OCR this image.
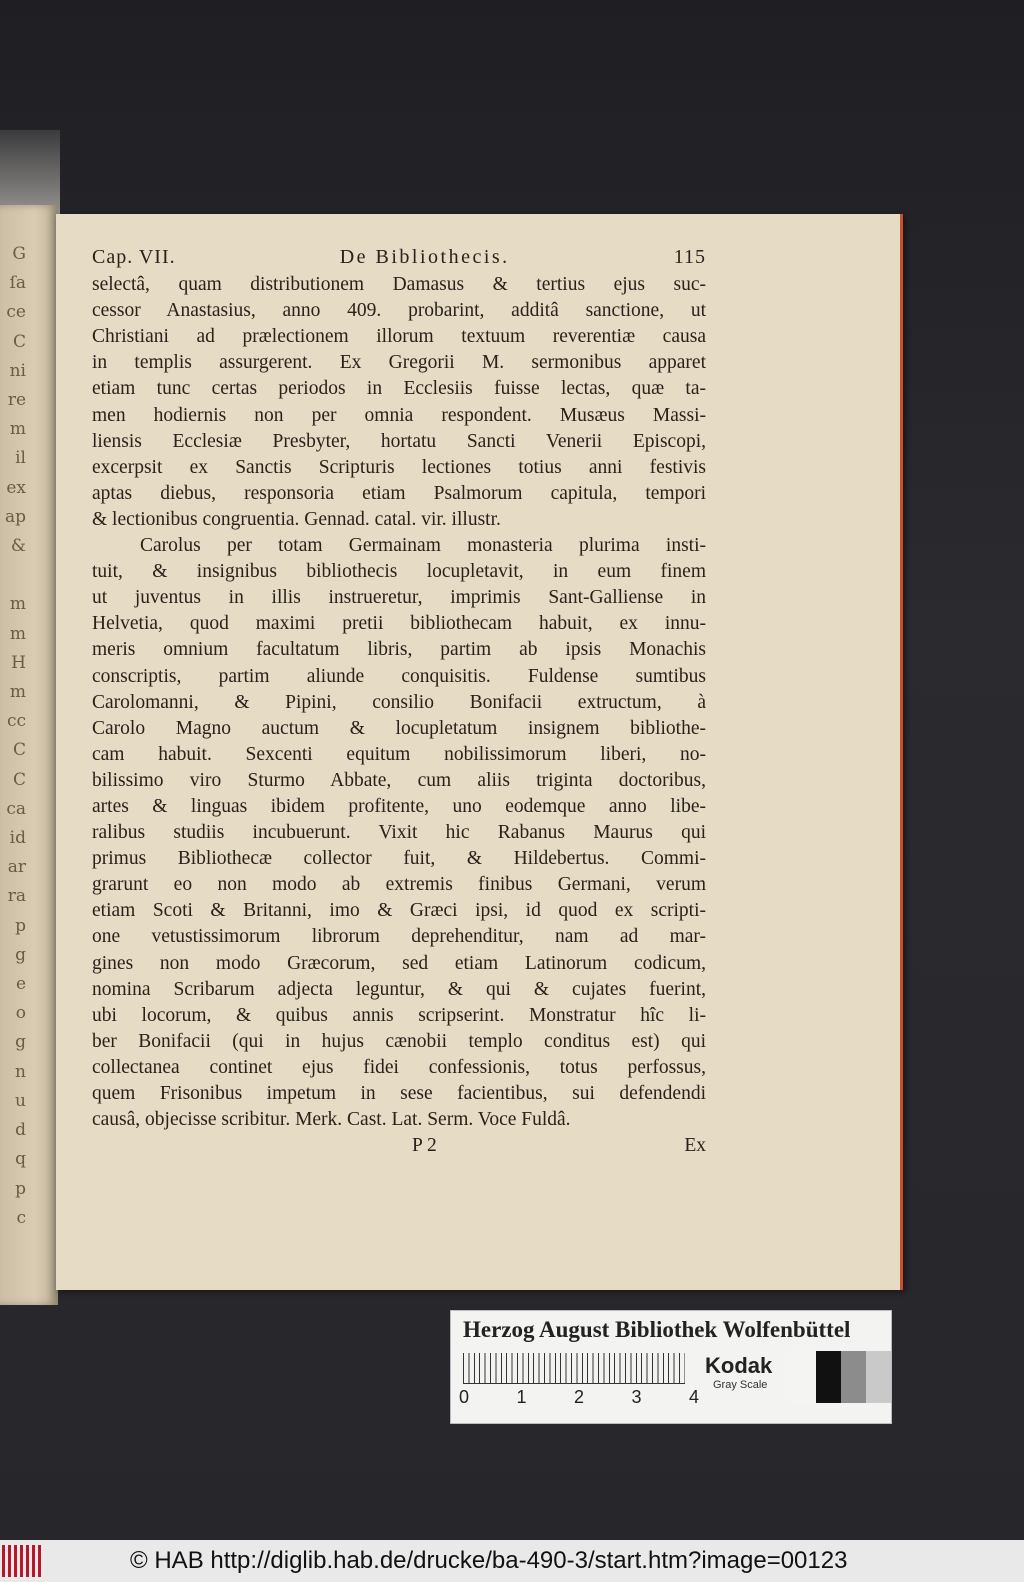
G
ſa
ce
C
ni
re
m
il
ex
ap
&

m
m
H
m
cc
C
C
ca
id
ar
ra
p
g
e
o
g
n
u
d
q
p
c
Cap. VII.	De Bibliothecis.	115
selectâ, quam distributionem Damasus & tertius ejus suc-
cessor Anastasius, anno 409. probarint, additâ sanctione, ut
Christiani ad prælectionem illorum textuum reverentiæ causa
in templis assurgerent. Ex Gregorii M. sermonibus apparet
etiam tunc certas periodos in Ecclesiis fuisse lectas, quæ ta-
men hodiernis non per omnia respondent. Musæus Massi-
liensis Ecclesiæ Presbyter, hortatu Sancti Venerii Episcopi,
excerpsit ex Sanctis Scripturis lectiones totius anni festivis
aptas diebus, responsoria etiam Psalmorum capitula, tempori
& lectionibus congruentia. Gennad. catal. vir. illustr.
Carolus per totam Germainam monasteria plurima insti-
tuit, & insignibus bibliothecis locupletavit, in eum finem
ut juventus in illis instrueretur, imprimis Sant-Galliense in
Helvetia, quod maximi pretii bibliothecam habuit, ex innu-
meris omnium facultatum libris, partim ab ipsis Monachis
conscriptis, partim aliunde conquisitis. Fuldense sumtibus
Carolomanni, & Pipini, consilio Bonifacii extructum, à
Carolo Magno auctum & locupletatum insignem bibliothe-
cam habuit. Sexcenti equitum nobilissimorum liberi, no-
bilissimo viro Sturmo Abbate, cum aliis triginta doctoribus,
artes & linguas ibidem profitente, uno eodemque anno libe-
ralibus studiis incubuerunt. Vixit hic Rabanus Maurus qui
primus Bibliothecæ collector fuit, & Hildebertus. Commi-
grarunt eo non modo ab extremis finibus Germani, verum
etiam Scoti & Britanni, imo & Græci ipsi, id quod ex scripti-
one vetustissimorum librorum deprehenditur, nam ad mar-
gines non modo Græcorum, sed etiam Latinorum codicum,
nomina Scribarum adjecta leguntur, & qui & cujates fuerint,
ubi locorum, & quibus annis scripserint. Monstratur hîc li-
ber Bonifacii (qui in hujus cænobii templo conditus est) qui
collectanea continet ejus fidei confessionis, totus perfossus,
quem Frisonibus impetum in sese facientibus, sui defendendi
causâ, objecisse scribitur. Merk. Cast. Lat. Serm. Voce Fuldâ.
P 2	Ex
Herzog August Bibliothek Wolfenbüttel
0	1	2	3	4
Kodak
Gray Scale
© HAB http://diglib.hab.de/drucke/ba-490-3/start.htm?image=00123
